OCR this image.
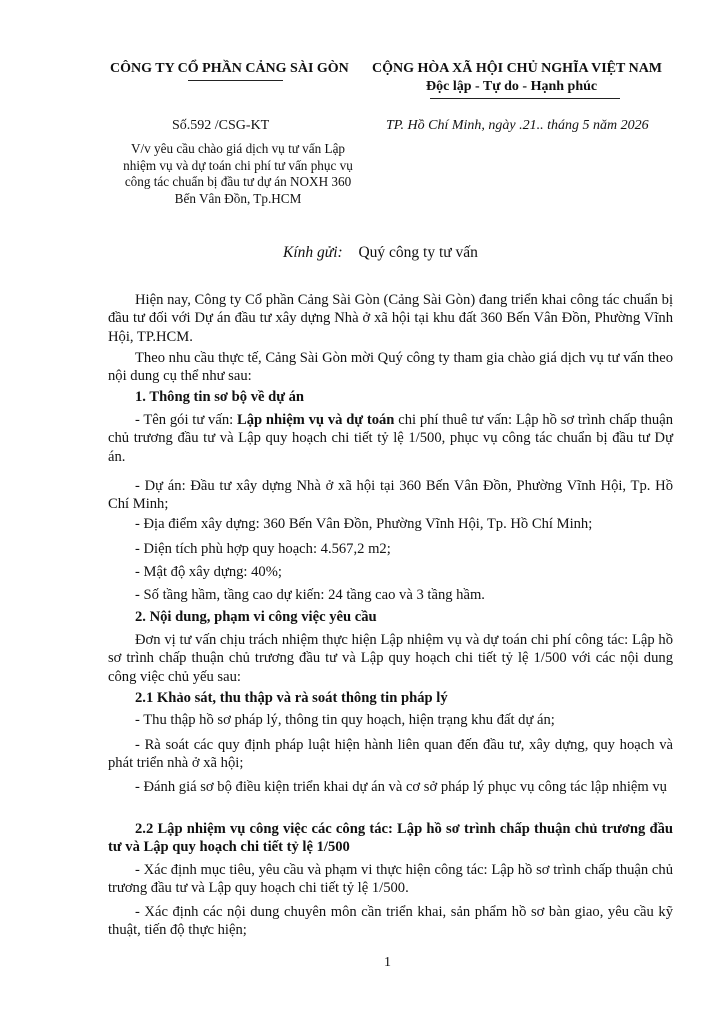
CÔNG TY CỔ PHẦN CẢNG SÀI GÒN CỘNG HÒA XÃ HỘI CHỦ NGHĨA VIỆT NAM
Độc lập - Tự do - Hạnh phúc
Số.592 /CSG-KT	TP. Hồ Chí Minh, ngày .21.. tháng 5 năm 2026
V/v yêu cầu chào giá dịch vụ tư vấn Lập
nhiệm vụ và dự toán chi phí tư vấn phục vụ
công tác chuẩn bị đầu tư dự án NOXH 360
Bến Vân Đồn, Tp.HCM
Kính gửi: Quý công ty tư vấn
Hiện nay, Công ty Cổ phần Cảng Sài Gòn (Cảng Sài Gòn) đang triển khai công tác chuẩn bị đầu tư đối với Dự án đầu tư xây dựng Nhà ở xã hội tại khu đất 360 Bến Vân Đồn, Phường Vĩnh Hội, TP.HCM.
Theo nhu cầu thực tế, Cảng Sài Gòn mời Quý công ty tham gia chào giá dịch vụ tư vấn theo nội dung cụ thể như sau:
1. Thông tin sơ bộ về dự án
- Tên gói tư vấn: Lập nhiệm vụ và dự toán chi phí thuê tư vấn: Lập hồ sơ trình chấp thuận chủ trương đầu tư và Lập quy hoạch chi tiết tỷ lệ 1/500, phục vụ công tác chuẩn bị đầu tư Dự án.
- Dự án: Đầu tư xây dựng Nhà ở xã hội tại 360 Bến Vân Đồn, Phường Vĩnh Hội, Tp. Hồ Chí Minh;
- Địa điểm xây dựng: 360 Bến Vân Đồn, Phường Vĩnh Hội, Tp. Hồ Chí Minh;
- Diện tích phù hợp quy hoạch: 4.567,2 m2;
- Mật độ xây dựng: 40%;
- Số tầng hầm, tầng cao dự kiến: 24 tầng cao và 3 tầng hầm.
2. Nội dung, phạm vi công việc yêu cầu
Đơn vị tư vấn chịu trách nhiệm thực hiện Lập nhiệm vụ và dự toán chi phí công tác: Lập hồ sơ trình chấp thuận chủ trương đầu tư và Lập quy hoạch chi tiết tỷ lệ 1/500 với các nội dung công việc chủ yếu sau:
2.1 Khảo sát, thu thập và rà soát thông tin pháp lý
- Thu thập hồ sơ pháp lý, thông tin quy hoạch, hiện trạng khu đất dự án;
- Rà soát các quy định pháp luật hiện hành liên quan đến đầu tư, xây dựng, quy hoạch và phát triển nhà ở xã hội;
- Đánh giá sơ bộ điều kiện triển khai dự án và cơ sở pháp lý phục vụ công tác lập nhiệm vụ
2.2 Lập nhiệm vụ công việc các công tác: Lập hồ sơ trình chấp thuận chủ trương đầu tư và Lập quy hoạch chi tiết tỷ lệ 1/500
- Xác định mục tiêu, yêu cầu và phạm vi thực hiện công tác: Lập hồ sơ trình chấp thuận chủ trương đầu tư và Lập quy hoạch chi tiết tỷ lệ 1/500.
- Xác định các nội dung chuyên môn cần triển khai, sản phẩm hồ sơ bàn giao, yêu cầu kỹ thuật, tiến độ thực hiện;
1
